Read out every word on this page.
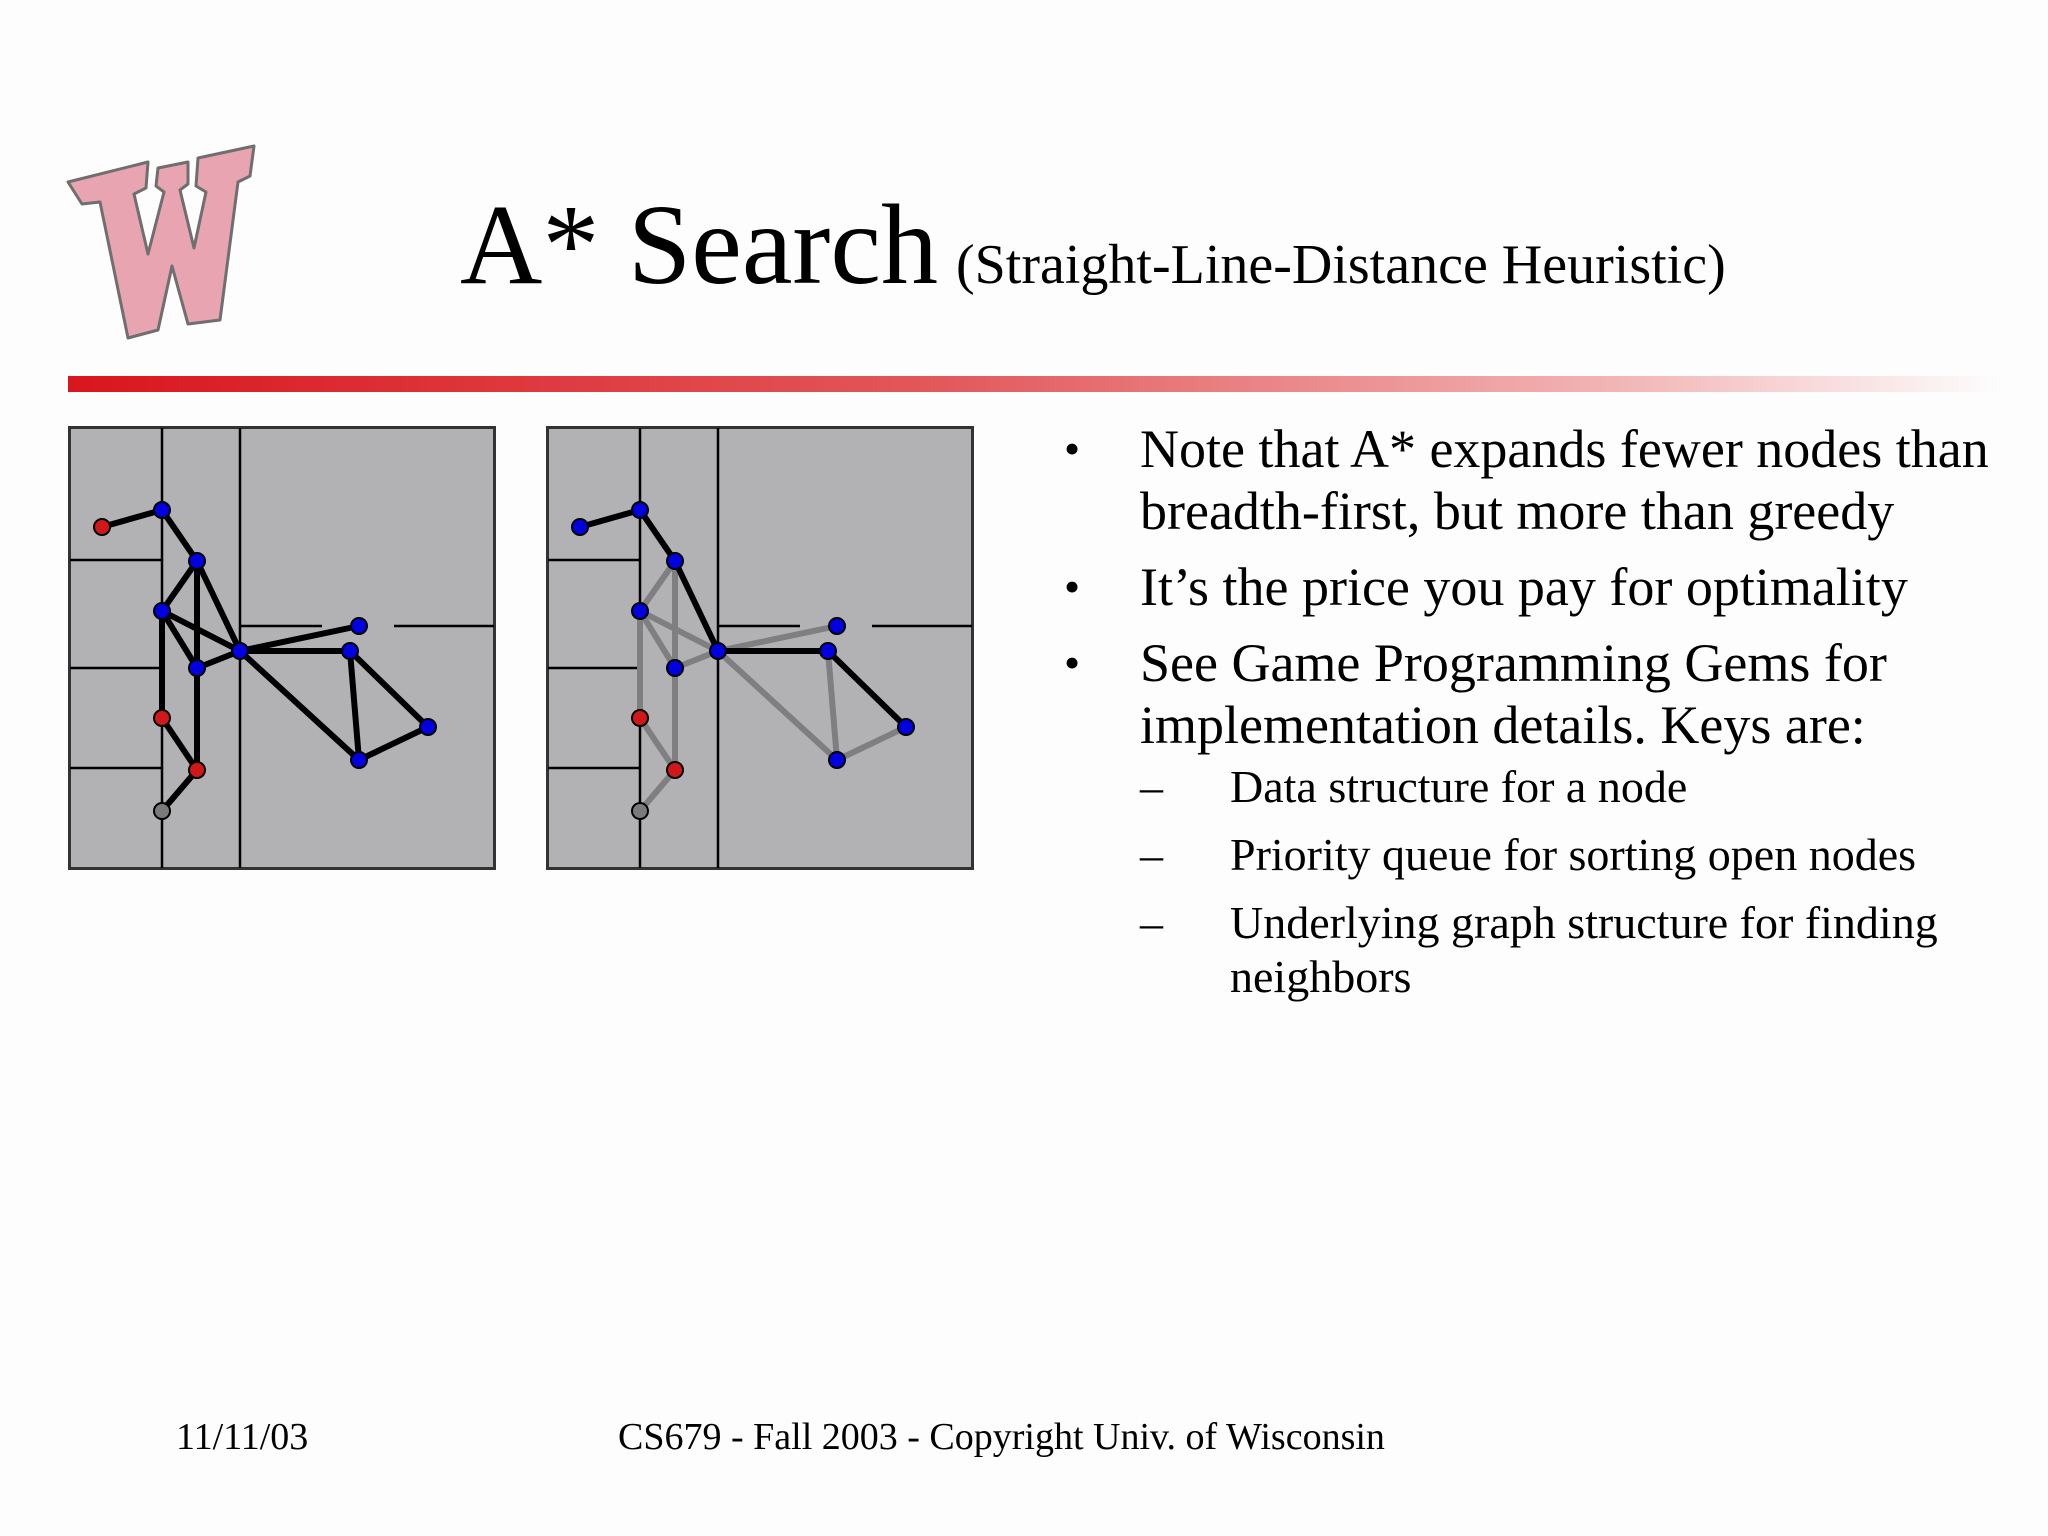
A* Search (Straight-Line-Distance Heuristic)
• Note that A* expands fewer nodes than breadth-first, but more than greedy
• It’s the price you pay for optimality
• See Game Programming Gems for implementation details. Keys are:
– Data structure for a node
– Priority queue for sorting open nodes
– Underlying graph structure for finding neighbors
11/11/03	CS679 - Fall 2003 - Copyright Univ. of Wisconsin
